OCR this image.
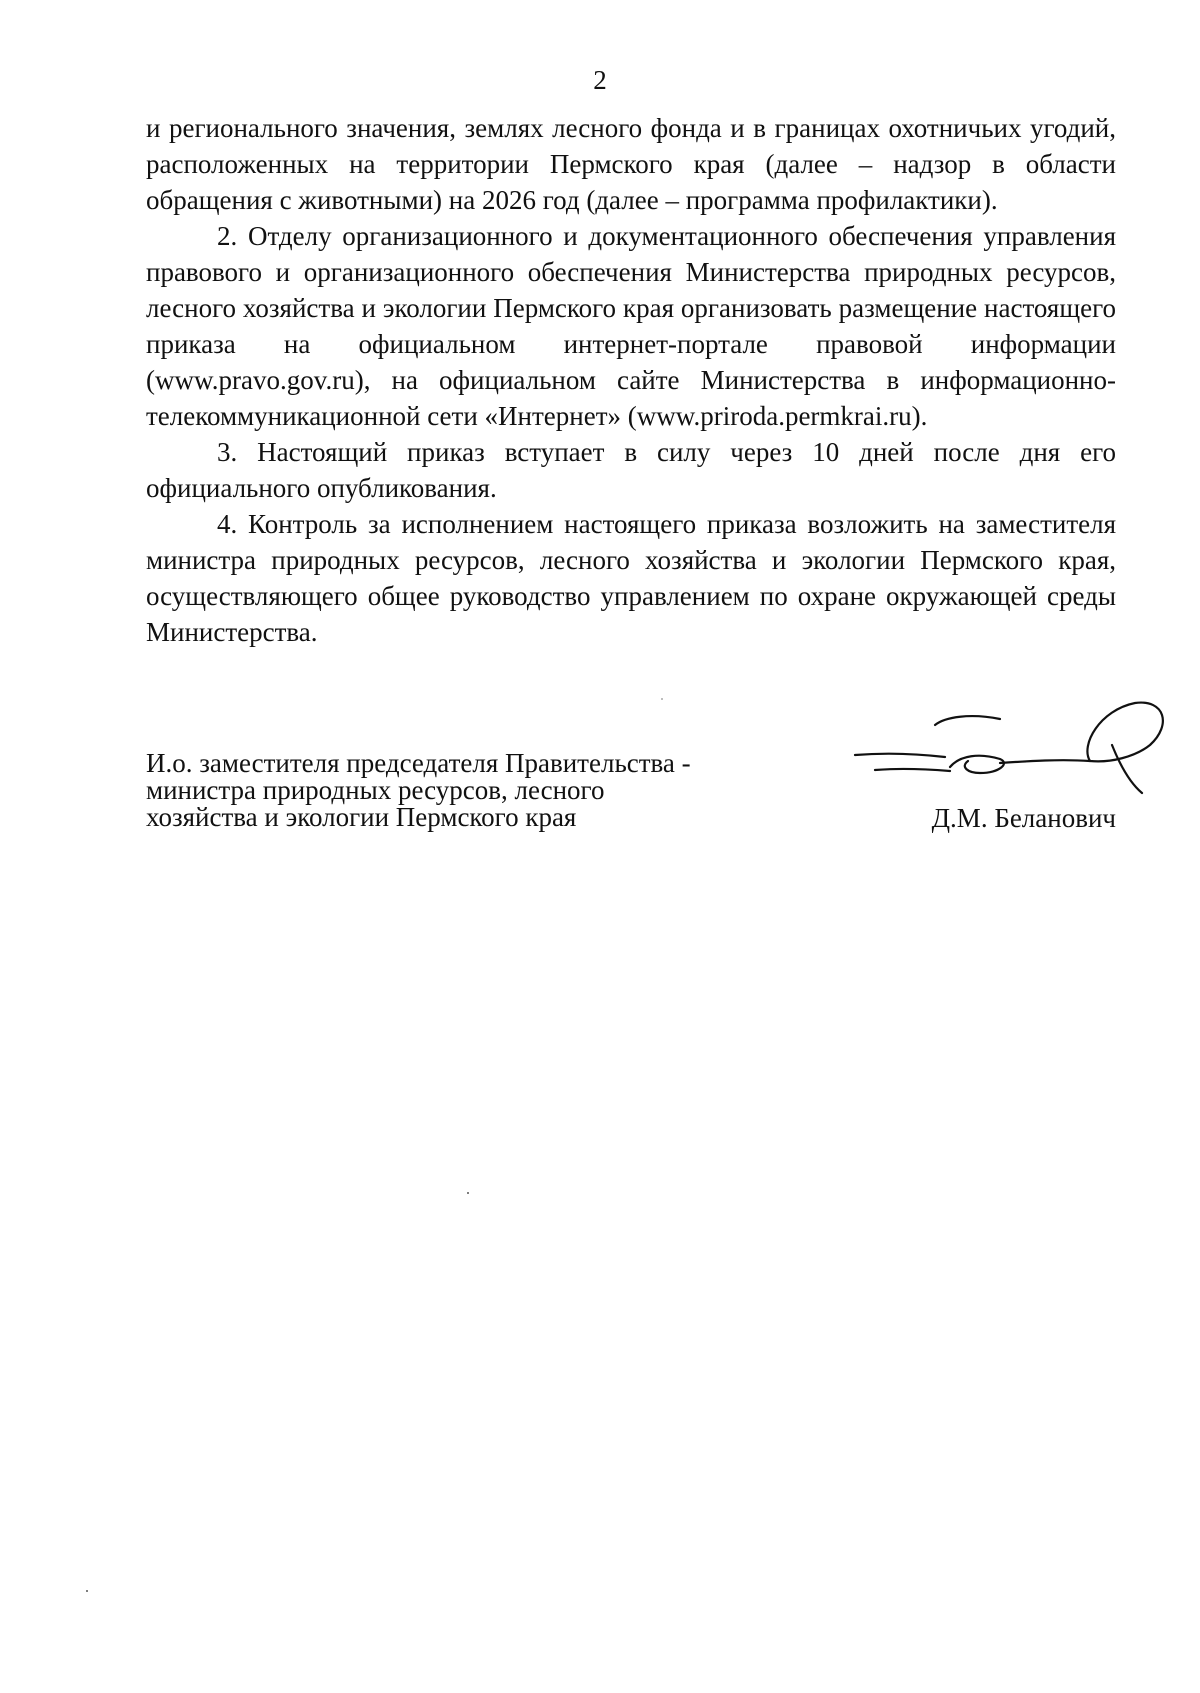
2

и регионального значения, землях лесного фонда и в границах охотничьих угодий, расположенных на территории Пермского края (далее – надзор в области обращения с животными) на 2026 год (далее – программа профилактики).

2. Отделу организационного и документационного обеспечения управления правового и организационного обеспечения Министерства природных ресурсов, лесного хозяйства и экологии Пермского края организовать размещение настоящего приказа на официальном интернет-портале правовой информации (www.pravo.gov.ru), на официальном сайте Министерства в информационно-телекоммуникационной сети «Интернет» (www.priroda.permkrai.ru).

3. Настоящий приказ вступает в силу через 10 дней после дня его официального опубликования.

4. Контроль за исполнением настоящего приказа возложить на заместителя министра природных ресурсов, лесного хозяйства и экологии Пермского края, осуществляющего общее руководство управлением по охране окружающей среды Министерства.

И.о. заместителя председателя Правительства -
министра природных ресурсов, лесного
хозяйства и экологии Пермского края	Д.М. Беланович
